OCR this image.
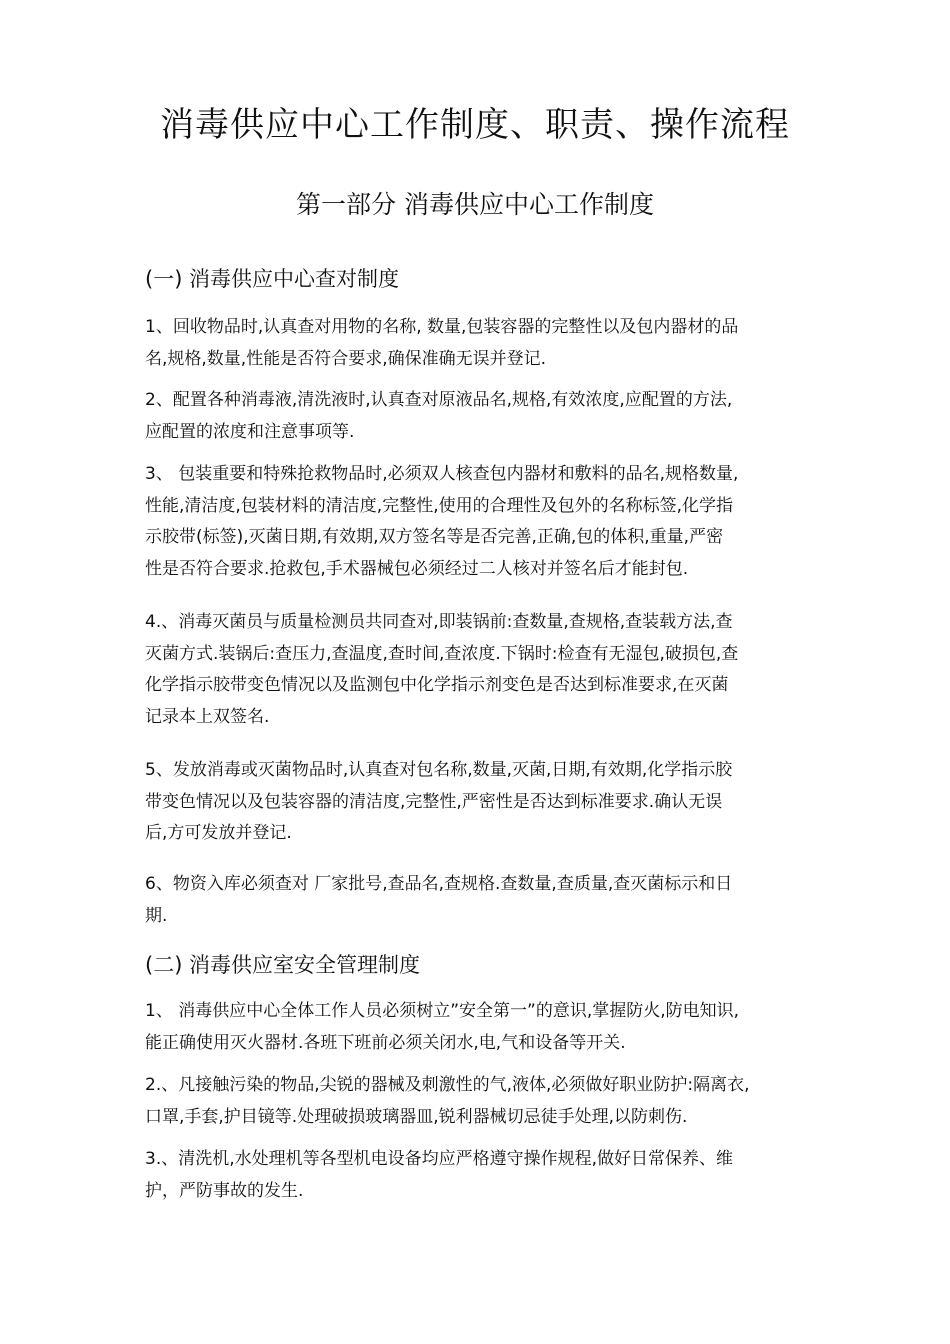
消毒供应中心工作制度、职责、操作流程
第一部分 消毒供应中心工作制度
(一) 消毒供应中心查对制度
1、回收物品时,认真查对用物的名称, 数量,包装容器的完整性以及包内器材的品
名,规格,数量,性能是否符合要求,确保准确无误并登记.
2、配置各种消毒液,清洗液时,认真查对原液品名,规格,有效浓度,应配置的方法,
应配置的浓度和注意事项等.
3、 包装重要和特殊抢救物品时,必须双人核查包内器材和敷料的品名,规格数量,
性能,清洁度,包装材料的清洁度,完整性,使用的合理性及包外的名称标签,化学指
示胶带(标签),灭菌日期,有效期,双方签名等是否完善,正确,包的体积,重量,严密
性是否符合要求.抢救包,手术器械包必须经过二人核对并签名后才能封包.
4.、消毒灭菌员与质量检测员共同查对,即装锅前:查数量,查规格,查装载方法,查
灭菌方式.装锅后:查压力,查温度,查时间,查浓度.下锅时:检查有无湿包,破损包,查
化学指示胶带变色情况以及监测包中化学指示剂变色是否达到标准要求,在灭菌
记录本上双签名.
5、发放消毒或灭菌物品时,认真查对包名称,数量,灭菌,日期,有效期,化学指示胶
带变色情况以及包装容器的清洁度,完整性,严密性是否达到标准要求.确认无误
后,方可发放并登记.
6、物资入库必须查对 厂家批号,查品名,查规格.查数量,查质量,查灭菌标示和日
期.
(二) 消毒供应室安全管理制度
1、 消毒供应中心全体工作人员必须树立”安全第一”的意识,掌握防火,防电知识,
能正确使用灭火器材.各班下班前必须关闭水,电,气和设备等开关.
2.、凡接触污染的物品,尖锐的器械及刺激性的气,液体,必须做好职业防护:隔离衣,
口罩,手套,护目镜等.处理破损玻璃器皿,锐利器械切忌徒手处理,以防刺伤.
3.、清洗机,水处理机等各型机电设备均应严格遵守操作规程,做好日常保养、维
护，严防事故的发生.
